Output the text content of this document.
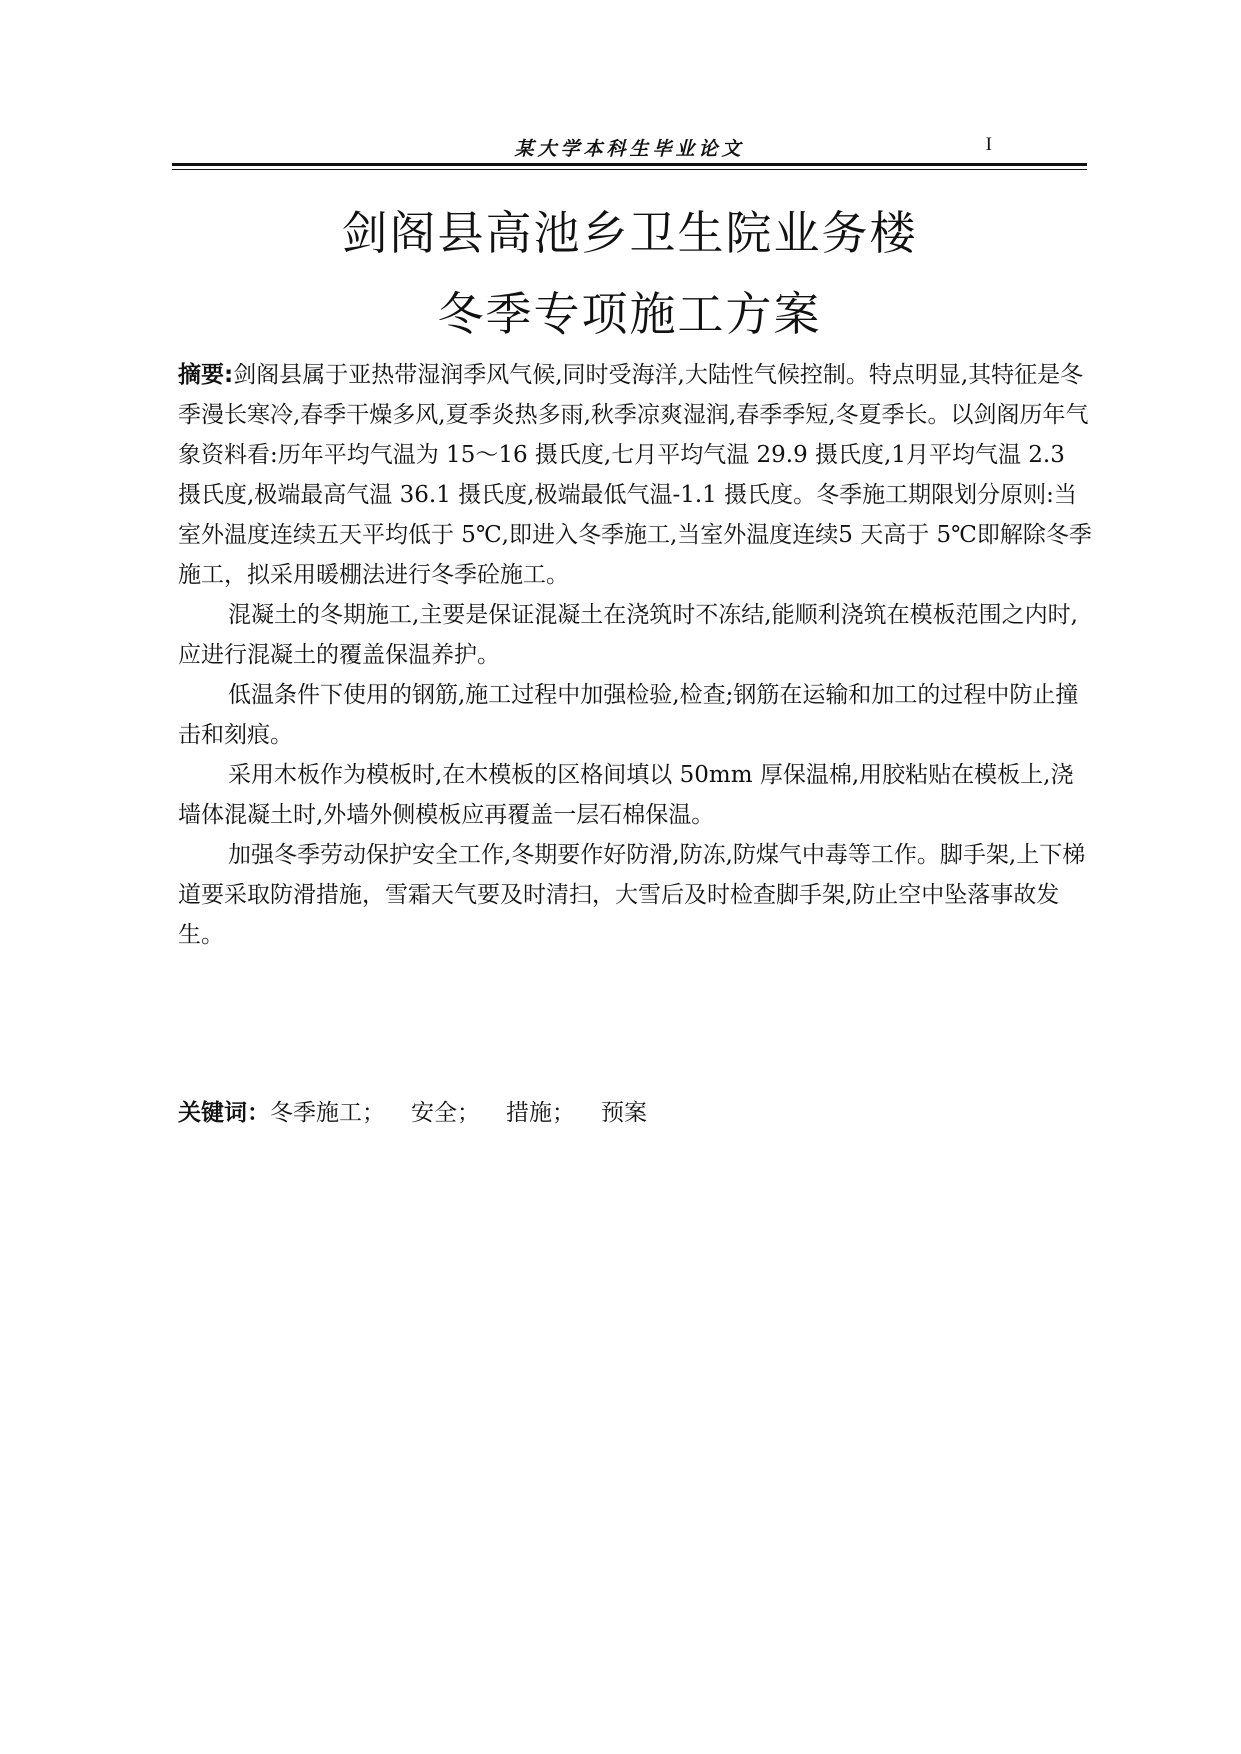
某大学本科生毕业论文	I
剑阁县高池乡卫生院业务楼
冬季专项施工方案

摘要:剑阁县属于亚热带湿润季风气候,同时受海洋,大陆性气候控制。特点明显,其特征是冬季漫长寒冷,春季干燥多风,夏季炎热多雨,秋季凉爽湿润,春季季短,冬夏季长。以剑阁历年气象资料看:历年平均气温为 15～16 摄氏度,七月平均气温 29.9 摄氏度,1月平均气温 2.3 摄氏度,极端最高气温 36.1 摄氏度,极端最低气温-1.1 摄氏度。冬季施工期限划分原则:当室外温度连续五天平均低于 5℃,即进入冬季施工,当室外温度连续5 天高于 5℃即解除冬季施工，拟采用暖棚法进行冬季砼施工。

混凝土的冬期施工,主要是保证混凝土在浇筑时不冻结,能顺利浇筑在模板范围之内时,应进行混凝土的覆盖保温养护。

低温条件下使用的钢筋,施工过程中加强检验,检查;钢筋在运输和加工的过程中防止撞击和刻痕。

采用木板作为模板时,在木模板的区格间填以 50mm 厚保温棉,用胶粘贴在模板上,浇墙体混凝土时,外墙外侧模板应再覆盖一层石棉保温。

加强冬季劳动保护安全工作,冬期要作好防滑,防冻,防煤气中毒等工作。脚手架,上下梯道要采取防滑措施，雪霜天气要及时清扫，大雪后及时检查脚手架,防止空中坠落事故发生。

关键词：冬季施工； 安全； 措施； 预案
